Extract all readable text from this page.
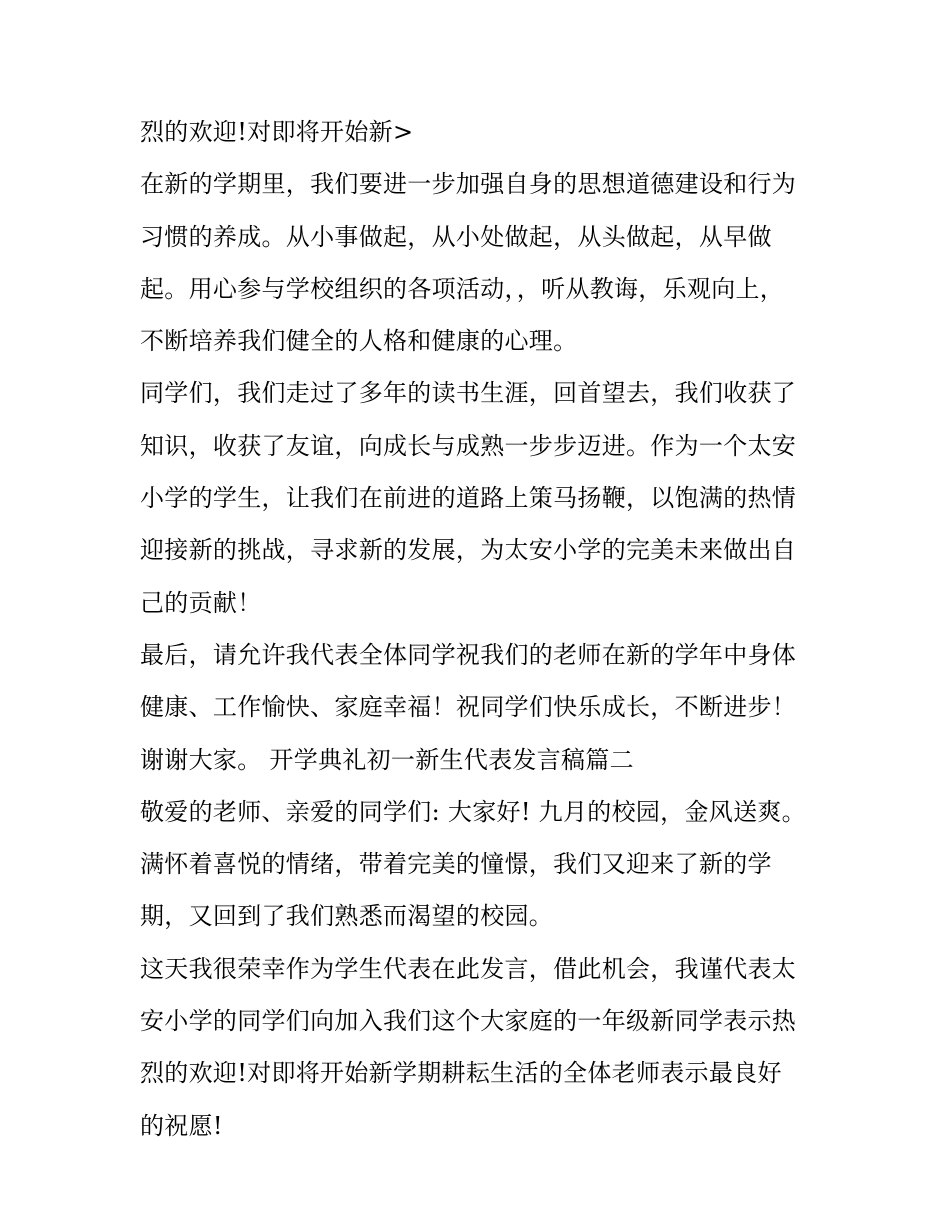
烈的欢迎!对即将开始新>
在新的学期里，我们要进一步加强自身的思想道德建设和行为
习惯的养成。从小事做起，从小处做起，从头做起，从早做
起。用心参与学校组织的各项活动，，听从教诲，乐观向上，
不断培养我们健全的人格和健康的心理。
同学们，我们走过了多年的读书生涯，回首望去，我们收获了
知识，收获了友谊，向成长与成熟一步步迈进。作为一个太安
小学的学生，让我们在前进的道路上策马扬鞭，以饱满的热情
迎接新的挑战，寻求新的发展，为太安小学的完美未来做出自
己的贡献！
最后，请允许我代表全体同学祝我们的老师在新的学年中身体
健康、工作愉快、家庭幸福！祝同学们快乐成长，不断进步！
谢谢大家。 开学典礼初一新生代表发言稿篇二
敬爱的老师、亲爱的同学们: 大家好! 九月的校园，金风送爽。
满怀着喜悦的情绪，带着完美的憧憬，我们又迎来了新的学
期，又回到了我们熟悉而渴望的校园。
这天我很荣幸作为学生代表在此发言，借此机会，我谨代表太
安小学的同学们向加入我们这个大家庭的一年级新同学表示热
烈的欢迎!对即将开始新学期耕耘生活的全体老师表示最良好
的祝愿!
